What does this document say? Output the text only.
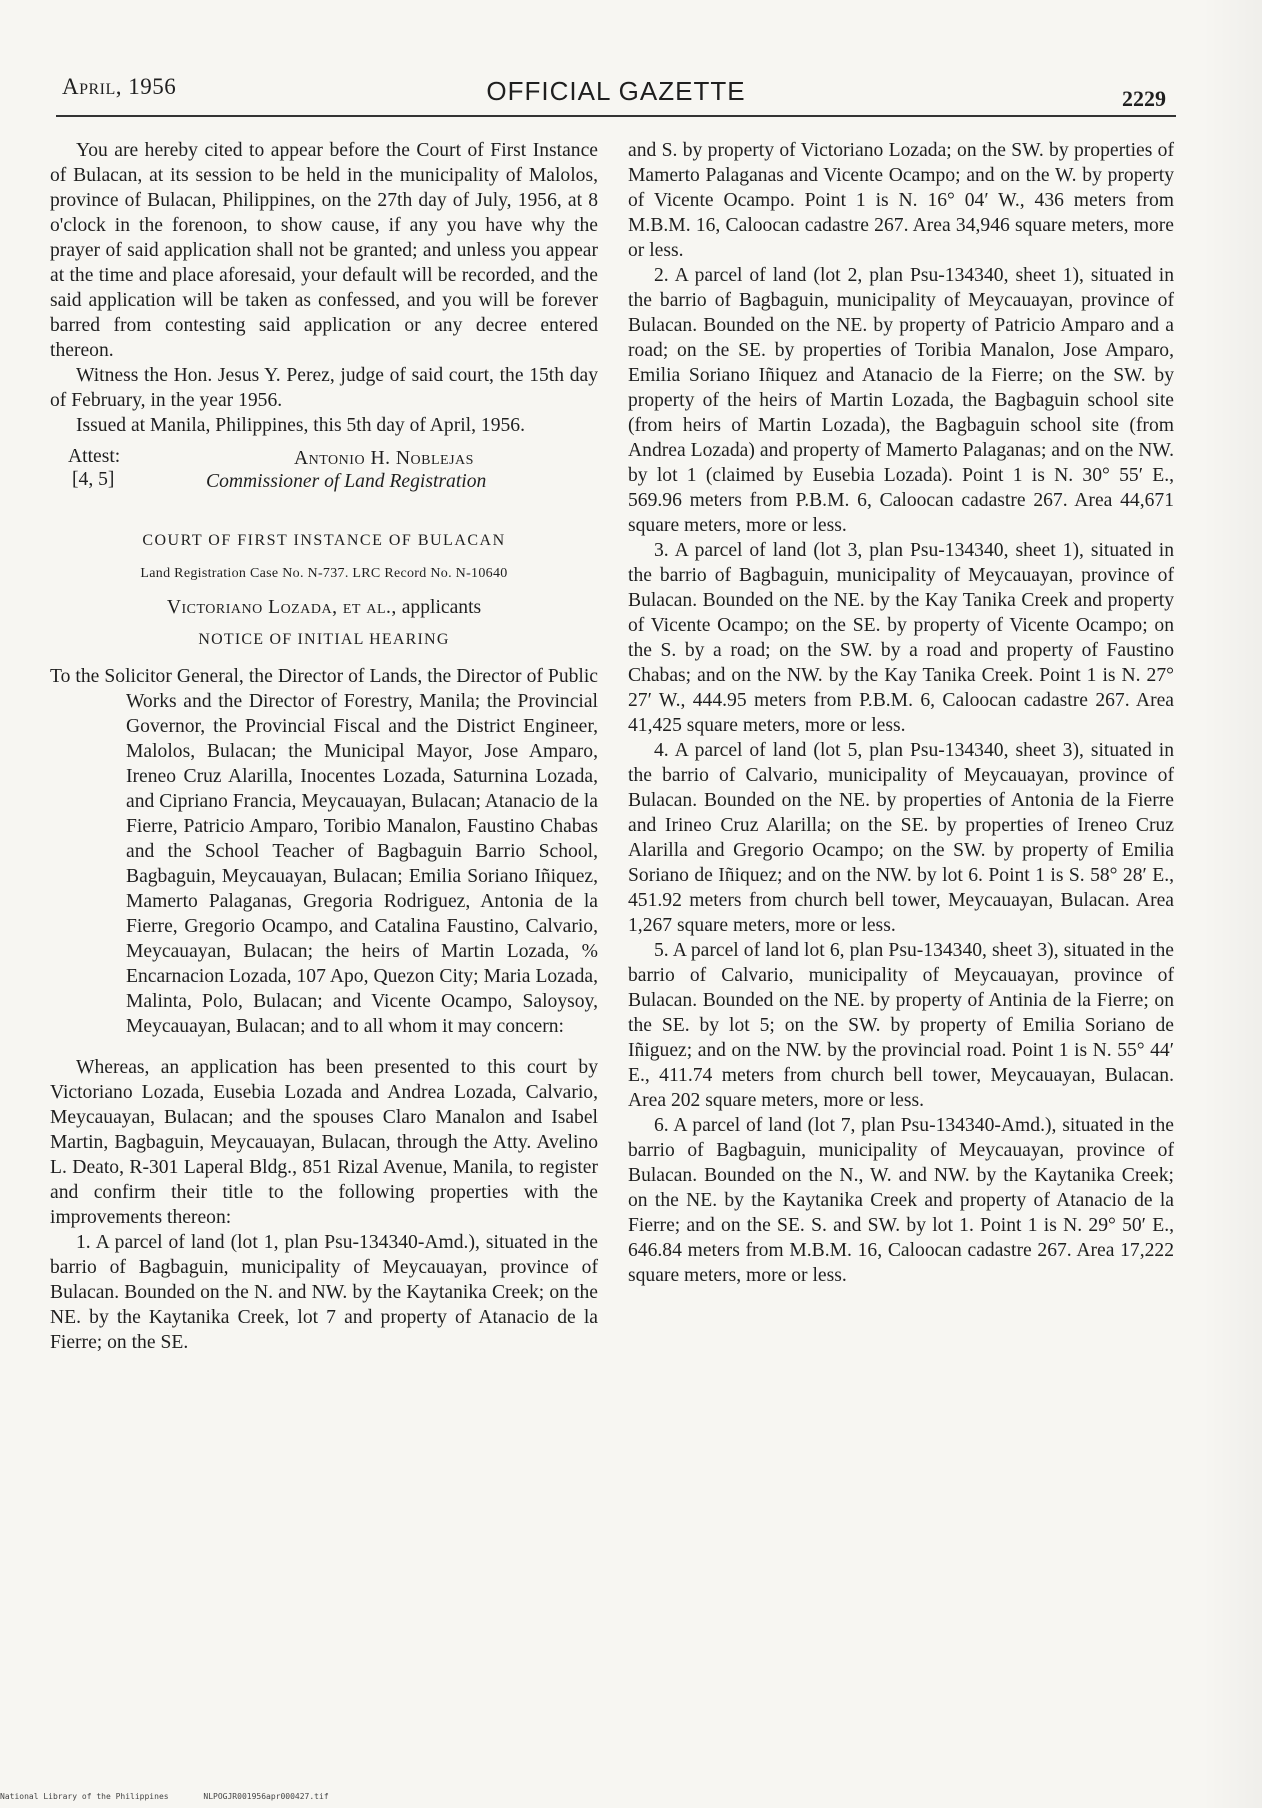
April, 1956	OFFICIAL GAZETTE	2229

You are hereby cited to appear before the Court of First Instance of Bulacan, at its session to be held in the municipality of Malolos, province of Bulacan, Philippines, on the 27th day of July, 1956, at 8 o'clock in the forenoon, to show cause, if any you have why the prayer of said application shall not be granted; and unless you appear at the time and place aforesaid, your default will be recorded, and the said application will be taken as confessed, and you will be forever barred from contesting said application or any decree entered thereon.

Witness the Hon. Jesus Y. Perez, judge of said court, the 15th day of February, in the year 1956.

Issued at Manila, Philippines, this 5th day of April, 1956.

Attest:
[4, 5]
Antonio H. Noblejas
Commissioner of Land Registration
COURT OF FIRST INSTANCE OF BULACAN
Land Registration Case No. N-737. LRC Record No. N-10640
Victoriano Lozada, et al., applicants
NOTICE OF INITIAL HEARING

To the Solicitor General, the Director of Lands, the Director of Public Works and the Director of Forestry, Manila; the Provincial Governor, the Provincial Fiscal and the District Engineer, Malolos, Bulacan; the Municipal Mayor, Jose Amparo, Ireneo Cruz Alarilla, Inocentes Lozada, Saturnina Lozada, and Cipriano Francia, Meycauayan, Bulacan; Atanacio de la Fierre, Patricio Amparo, Toribio Manalon, Faustino Chabas and the School Teacher of Bagbaguin Barrio School, Bagbaguin, Meycauayan, Bulacan; Emilia Soriano Iñiquez, Mamerto Palaganas, Gregoria Rodriguez, Antonia de la Fierre, Gregorio Ocampo, and Catalina Faustino, Calvario, Meycauayan, Bulacan; the heirs of Martin Lozada, % Encarnacion Lozada, 107 Apo, Quezon City; Maria Lozada, Malinta, Polo, Bulacan; and Vicente Ocampo, Saloysoy, Meycauayan, Bulacan; and to all whom it may concern:

Whereas, an application has been presented to this court by Victoriano Lozada, Eusebia Lozada and Andrea Lozada, Calvario, Meycauayan, Bulacan; and the spouses Claro Manalon and Isabel Martin, Bagbaguin, Meycauayan, Bulacan, through the Atty. Avelino L. Deato, R-301 Laperal Bldg., 851 Rizal Avenue, Manila, to register and confirm their title to the following properties with the improvements thereon:

1. A parcel of land (lot 1, plan Psu-134340-Amd.), situated in the barrio of Bagbaguin, municipality of Meycauayan, province of Bulacan. Bounded on the N. and NW. by the Kaytanika Creek; on the NE. by the Kaytanika Creek, lot 7 and property of Atanacio de la Fierre; on the SE.

and S. by property of Victoriano Lozada; on the SW. by properties of Mamerto Palaganas and Vicente Ocampo; and on the W. by property of Vicente Ocampo. Point 1 is N. 16° 04′ W., 436 meters from M.B.M. 16, Caloocan cadastre 267. Area 34,946 square meters, more or less.

2. A parcel of land (lot 2, plan Psu-134340, sheet 1), situated in the barrio of Bagbaguin, municipality of Meycauayan, province of Bulacan. Bounded on the NE. by property of Patricio Amparo and a road; on the SE. by properties of Toribia Manalon, Jose Amparo, Emilia Soriano Iñiquez and Atanacio de la Fierre; on the SW. by property of the heirs of Martin Lozada, the Bagbaguin school site (from heirs of Martin Lozada), the Bagbaguin school site (from Andrea Lozada) and property of Mamerto Palaganas; and on the NW. by lot 1 (claimed by Eusebia Lozada). Point 1 is N. 30° 55′ E., 569.96 meters from P.B.M. 6, Caloocan cadastre 267. Area 44,671 square meters, more or less.

3. A parcel of land (lot 3, plan Psu-134340, sheet 1), situated in the barrio of Bagbaguin, municipality of Meycauayan, province of Bulacan. Bounded on the NE. by the Kay Tanika Creek and property of Vicente Ocampo; on the SE. by property of Vicente Ocampo; on the S. by a road; on the SW. by a road and property of Faustino Chabas; and on the NW. by the Kay Tanika Creek. Point 1 is N. 27° 27′ W., 444.95 meters from P.B.M. 6, Caloocan cadastre 267. Area 41,425 square meters, more or less.

4. A parcel of land (lot 5, plan Psu-134340, sheet 3), situated in the barrio of Calvario, municipality of Meycauayan, province of Bulacan. Bounded on the NE. by properties of Antonia de la Fierre and Irineo Cruz Alarilla; on the SE. by properties of Ireneo Cruz Alarilla and Gregorio Ocampo; on the SW. by property of Emilia Soriano de Iñiquez; and on the NW. by lot 6. Point 1 is S. 58° 28′ E., 451.92 meters from church bell tower, Meycauayan, Bulacan. Area 1,267 square meters, more or less.

5. A parcel of land lot 6, plan Psu-134340, sheet 3), situated in the barrio of Calvario, municipality of Meycauayan, province of Bulacan. Bounded on the NE. by property of Antinia de la Fierre; on the SE. by lot 5; on the SW. by property of Emilia Soriano de Iñiguez; and on the NW. by the provincial road. Point 1 is N. 55° 44′ E., 411.74 meters from church bell tower, Meycauayan, Bulacan. Area 202 square meters, more or less.

6. A parcel of land (lot 7, plan Psu-134340-Amd.), situated in the barrio of Bagbaguin, municipality of Meycauayan, province of Bulacan. Bounded on the N., W. and NW. by the Kaytanika Creek; on the NE. by the Kaytanika Creek and property of Atanacio de la Fierre; and on the SE. S. and SW. by lot 1. Point 1 is N. 29° 50′ E., 646.84 meters from M.B.M. 16, Caloocan cadastre 267. Area 17,222 square meters, more or less.

National Library of the Philippines	NLPOGJR001956apr000427.tif
